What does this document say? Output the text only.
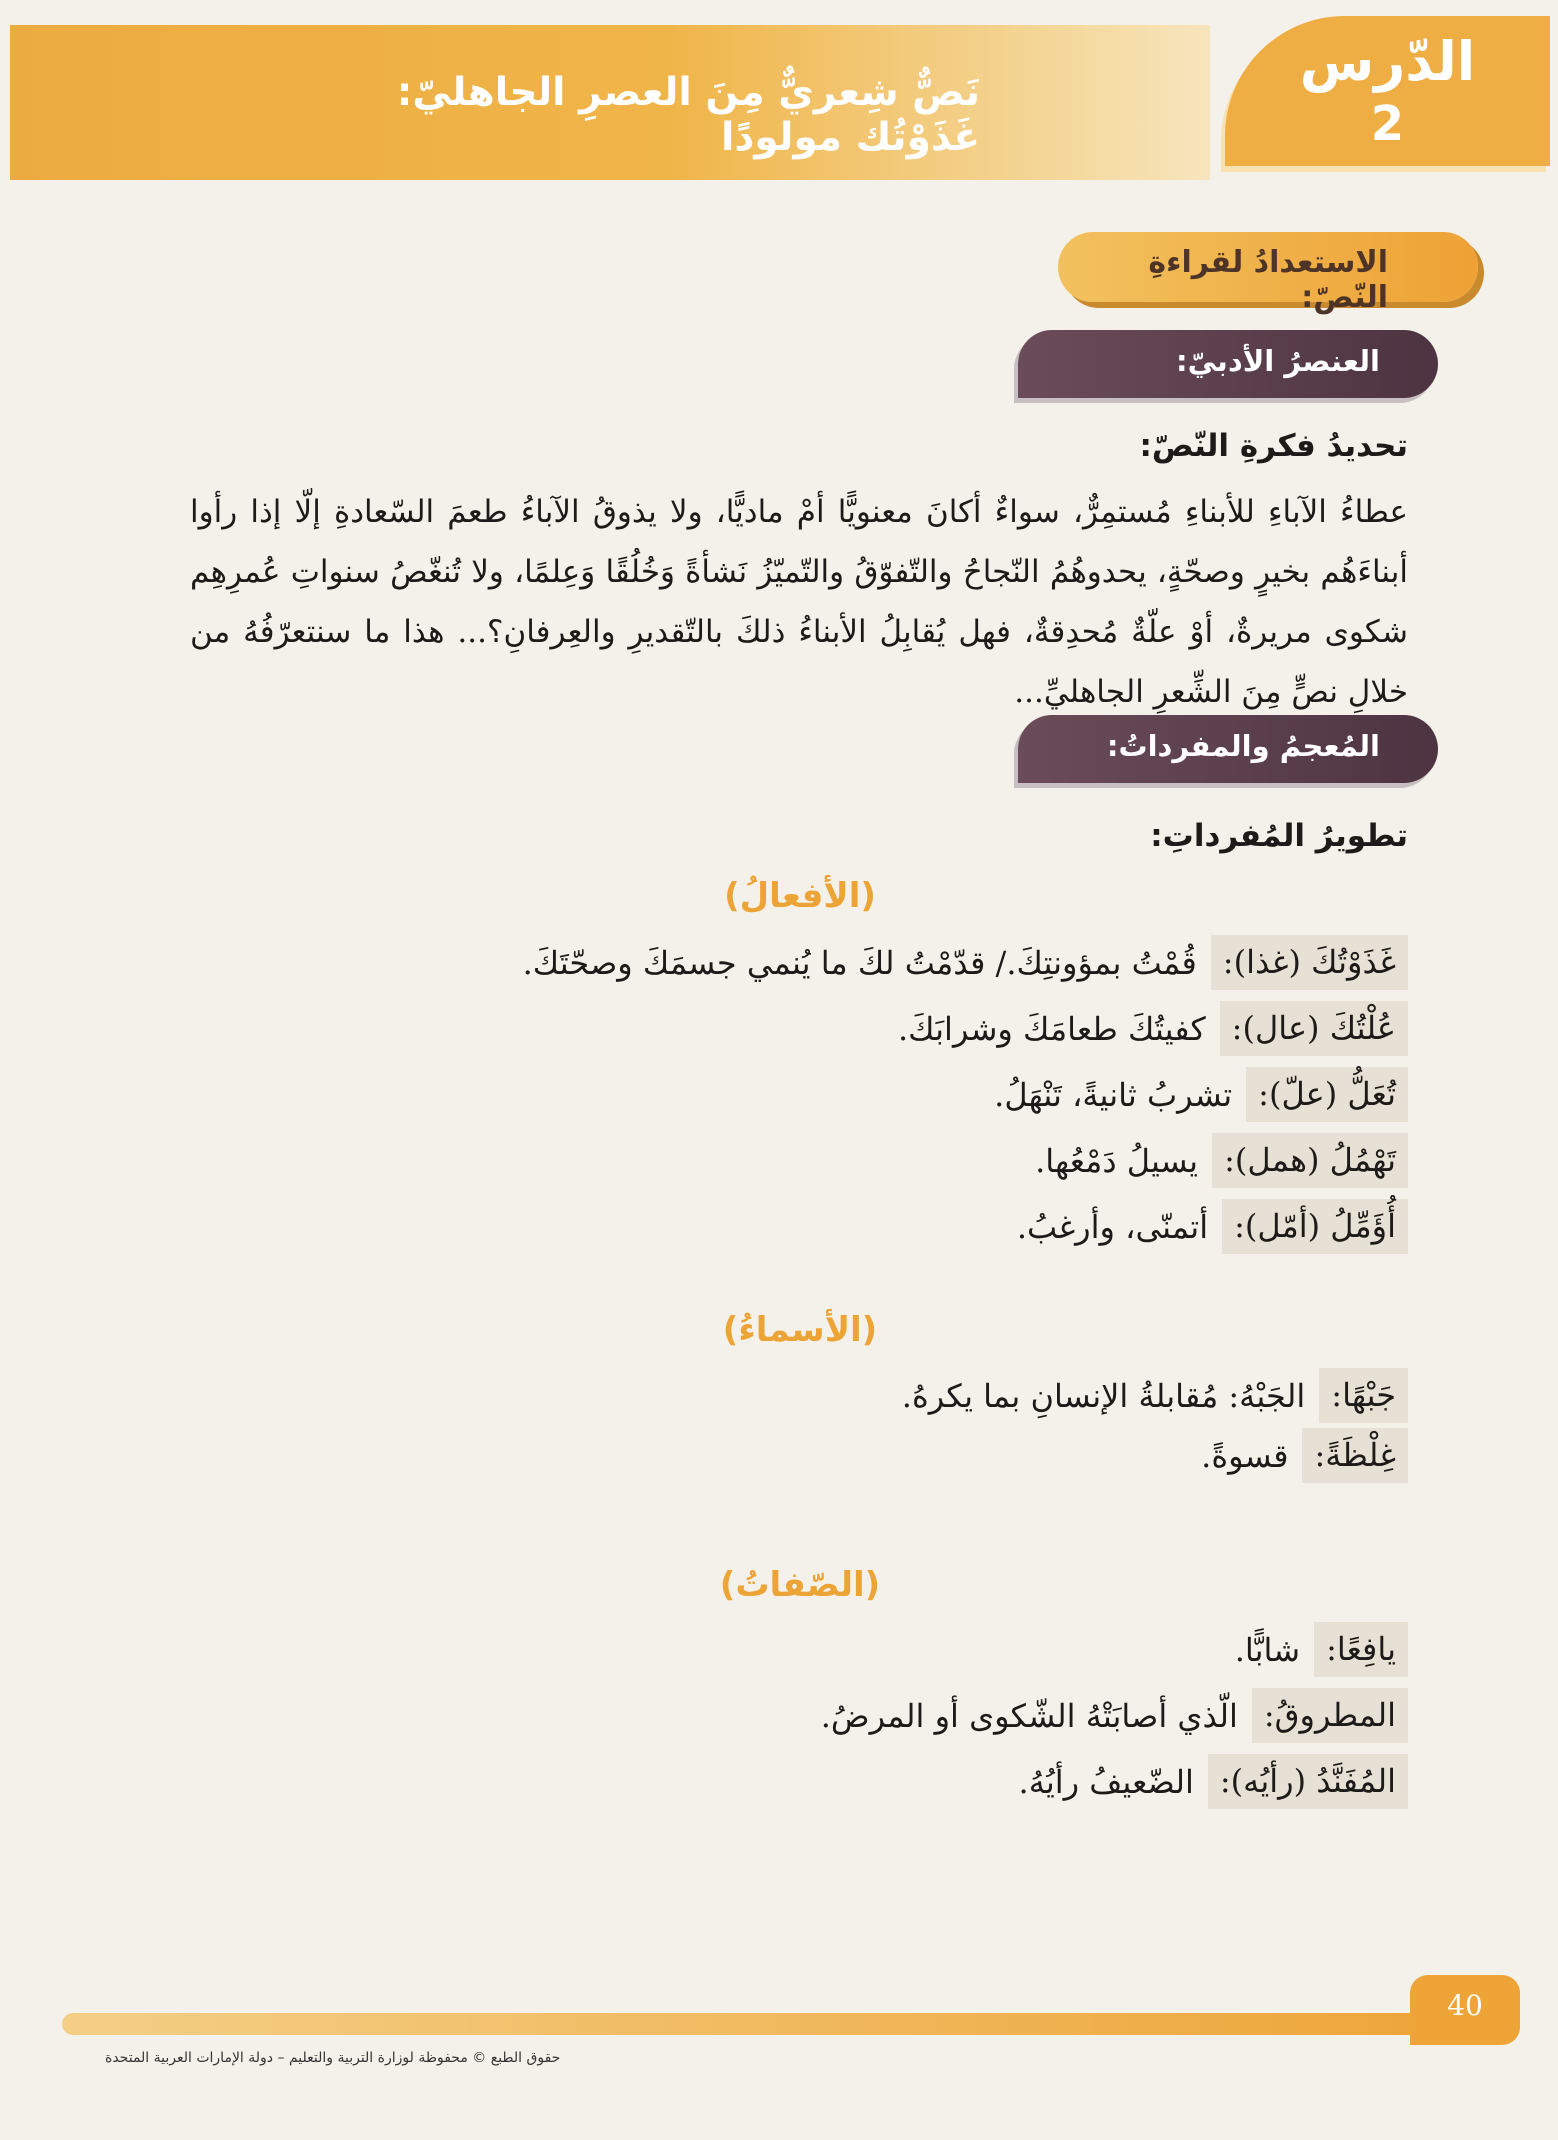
نَصٌّ شِعريٌّ مِنَ العصرِ الجاهليّ: غَذَوْتُك مولودًا
الدّرس
2
الاستعدادُ لقراءةِ النّصّ:
العنصرُ الأدبيّ:
تحديدُ فكرةِ النّصّ:
عطاءُ الآباءِ للأبناءِ مُستمِرٌّ، سواءٌ أكانَ معنويًّا أمْ ماديًّا، ولا يذوقُ الآباءُ طعمَ السّعادةِ إلّا إذا رأوا أبناءَهُم بخيرٍ وصحّةٍ، يحدوهُمُ النّجاحُ والتّفوّقُ والتّميّزُ نَشأةً وَخُلُقًا وَعِلمًا، ولا تُنغّصُ سنواتِ عُمرِهِم شكوى مريرةٌ، أوْ علّةٌ مُحدِقةٌ، فهل يُقابِلُ الأبناءُ ذلكَ بالتّقديرِ والعِرفانِ؟... هذا ما سنتعرّفُهُ من خلالِ نصٍّ مِنَ الشِّعرِ الجاهليِّ...
المُعجمُ والمفرداتُ:
تطويرُ المُفرداتِ:
(الأفعالُ)
غَذَوْتُكَ (غذا):
قُمْتُ بمؤونتِكَ./ قدّمْتُ لكَ ما يُنمي جسمَكَ وصحّتَكَ.
عُلْتُكَ (عال):
كفيتُكَ طعامَكَ وشرابَكَ.
تُعَلُّ (علّ):
تشربُ ثانيةً، تَنْهَلُ.
تَهْمُلُ (همل):
يسيلُ دَمْعُها.
أُؤَمِّلُ (أمّل):
أتمنّى، وأرغبُ.
(الأسماءُ)
جَبْهًا:
الجَبْهُ: مُقابلةُ الإنسانِ بما يكرهُ.
غِلْظَةً:
قسوةً.
(الصّفاتُ)
يافِعًا:
شابًّا.
المطروقُ:
الّذي أصابَتْهُ الشّكوى أو المرضُ.
المُفَنَّدُ (رأيُه):
الضّعيفُ رأيُهُ.
40
حقوق الطبع © محفوظة لوزارة التربية والتعليم – دولة الإمارات العربية المتحدة
